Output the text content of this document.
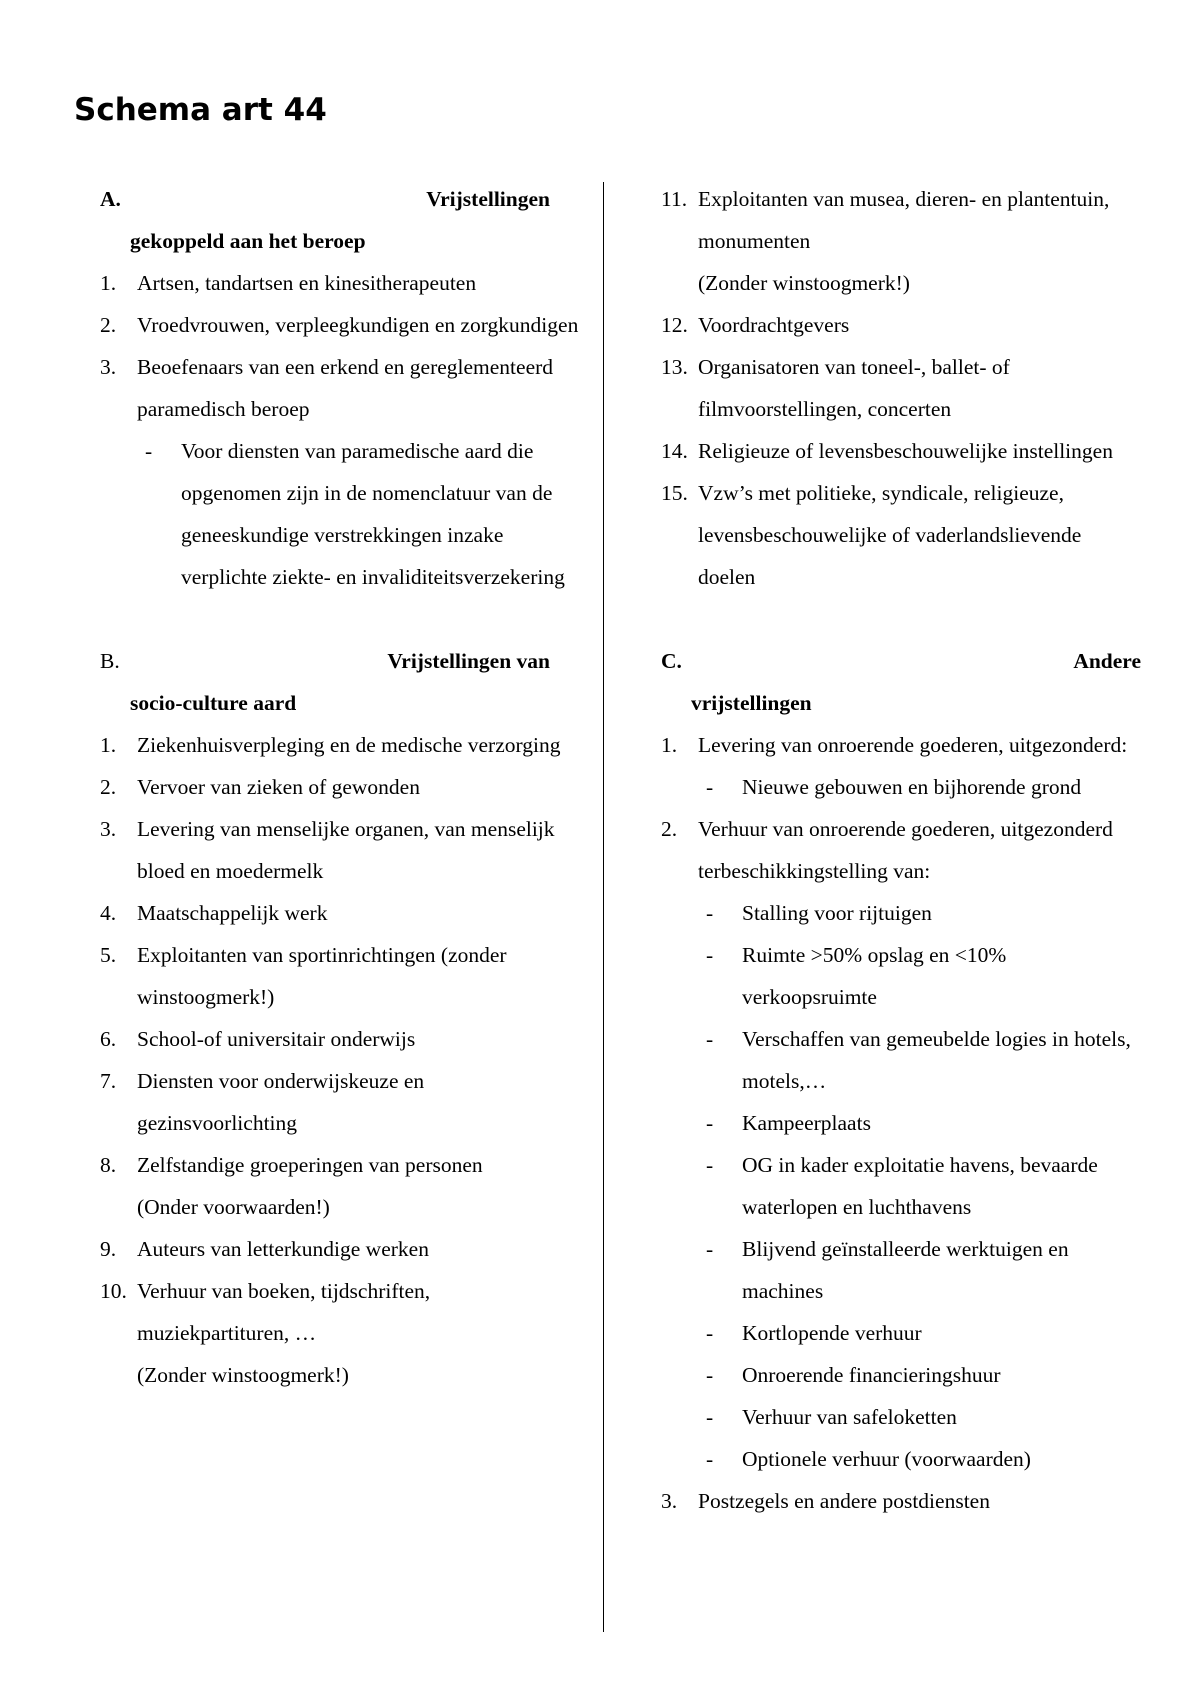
Schema art 44
A.	Vrijstellingen
gekoppeld aan het beroep
1. Artsen, tandartsen en kinesitherapeuten
2. Vroedvrouwen, verpleegkundigen en zorgkundigen
3. Beoefenaars van een erkend en gereglementeerd paramedisch beroep
- Voor diensten van paramedische aard die opgenomen zijn in de nomenclatuur van de geneeskundige verstrekkingen inzake verplichte ziekte- en invaliditeitsverzekering
B.	Vrijstellingen van
socio-culture aard
1. Ziekenhuisverpleging en de medische verzorging
2. Vervoer van zieken of gewonden
3. Levering van menselijke organen, van menselijk bloed en moedermelk
4. Maatschappelijk werk
5. Exploitanten van sportinrichtingen (zonder winstoogmerk!)
6. School-of universitair onderwijs
7. Diensten voor onderwijskeuze en gezinsvoorlichting
8. Zelfstandige groeperingen van personen
(Onder voorwaarden!)
9. Auteurs van letterkundige werken
10. Verhuur van boeken, tijdschriften, muziekpartituren, …
(Zonder winstoogmerk!)
11. Exploitanten van musea, dieren- en plantentuin, monumenten
(Zonder winstoogmerk!)
12. Voordrachtgevers
13. Organisatoren van toneel-, ballet- of filmvoorstellingen, concerten
14. Religieuze of levensbeschouwelijke instellingen
15. Vzw’s met politieke, syndicale, religieuze, levensbeschouwelijke of vaderlandslievende doelen
C.	Andere
vrijstellingen
1. Levering van onroerende goederen, uitgezonderd:
- Nieuwe gebouwen en bijhorende grond
2. Verhuur van onroerende goederen, uitgezonderd terbeschikkingstelling van:
- Stalling voor rijtuigen
- Ruimte >50% opslag en <10% verkoopsruimte
- Verschaffen van gemeubelde logies in hotels, motels,…
- Kampeerplaats
- OG in kader exploitatie havens, bevaarde waterlopen en luchthavens
- Blijvend geïnstalleerde werktuigen en machines
- Kortlopende verhuur
- Onroerende financieringshuur
- Verhuur van safeloketten
- Optionele verhuur (voorwaarden)
3. Postzegels en andere postdiensten
